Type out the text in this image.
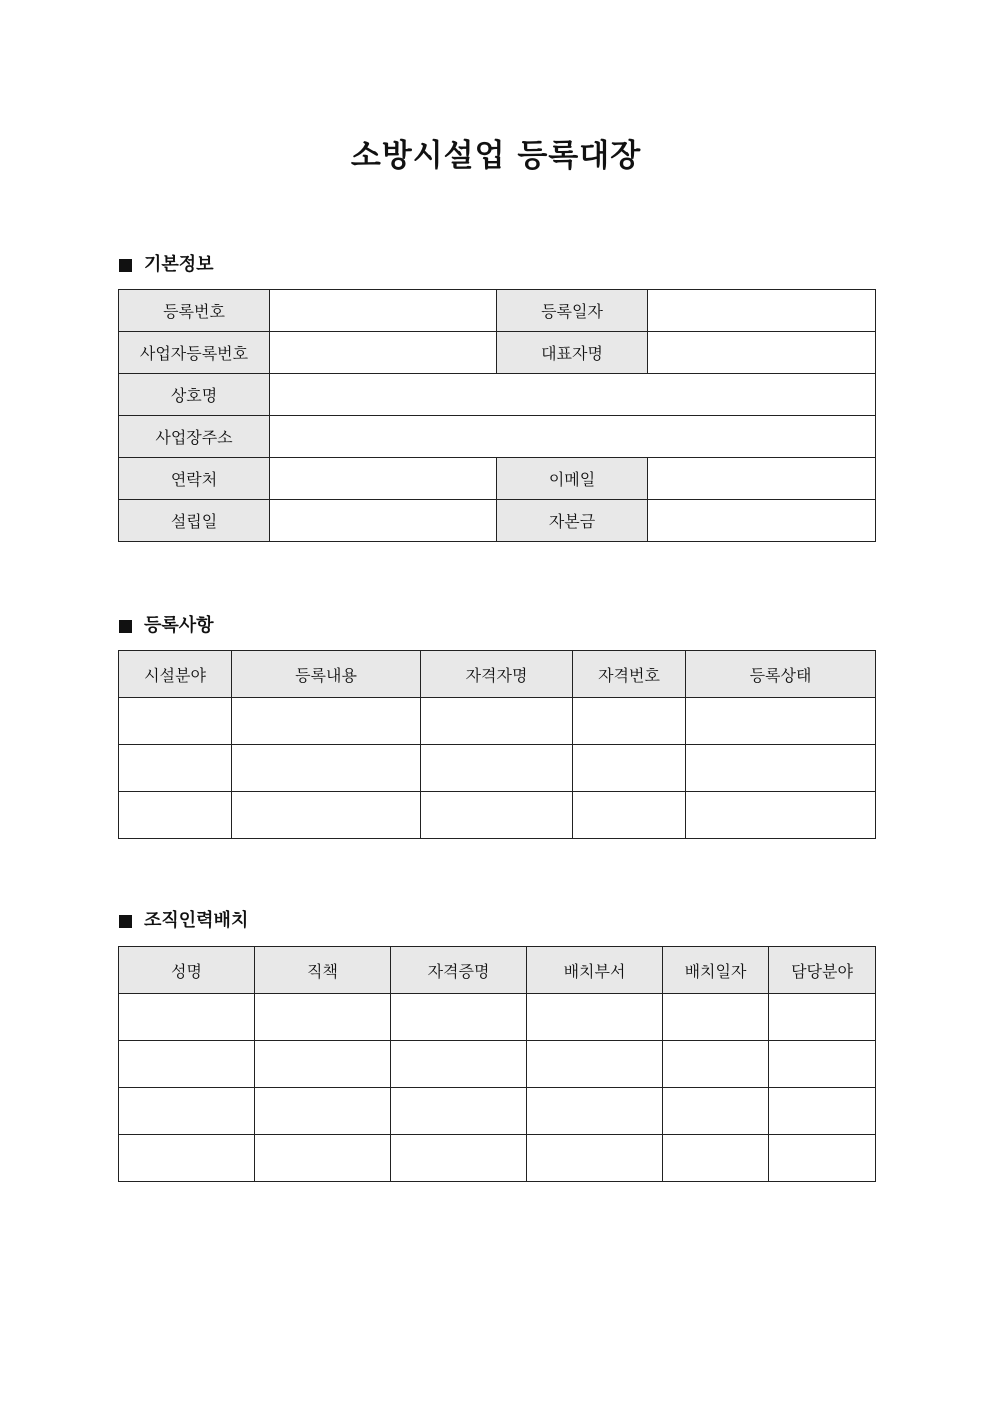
소방시설업 등록대장
기본정보
등록번호		등록일자	
사업자등록번호		대표자명	
상호명			
사업장주소			
연락처		이메일	
설립일		자본금	
등록사항
시설분야	등록내용	자격자명	자격번호	등록상태

조직인력배치
성명	직책	자격증명	배치부서	배치일자	담당분야
